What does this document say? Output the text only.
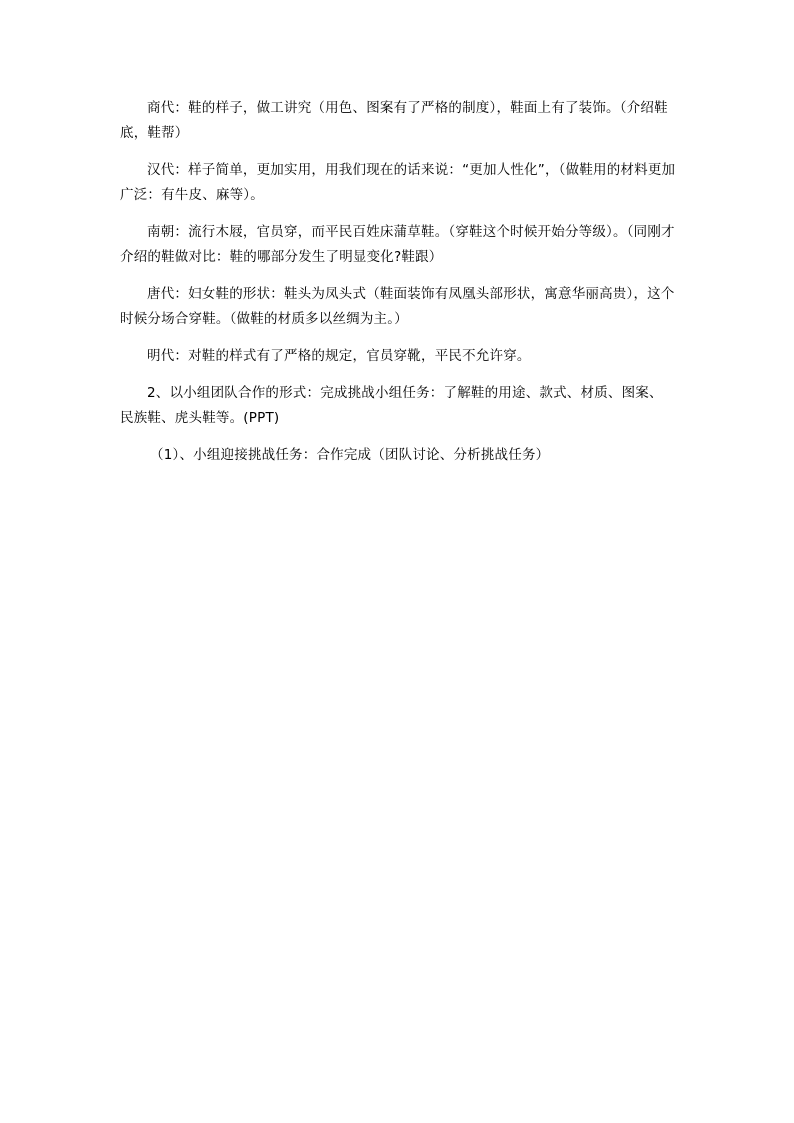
商代：鞋的样子，做工讲究（用色、图案有了严格的制度），鞋面上有了装饰。（介绍鞋底，鞋帮）

汉代：样子简单，更加实用，用我们现在的话来说：“更加人性化”，（做鞋用的材料更加广泛：有牛皮、麻等）。

南朝：流行木屐，官员穿，而平民百姓床蒲草鞋。（穿鞋这个时候开始分等级）。（同刚才介绍的鞋做对比：鞋的哪部分发生了明显变化?鞋跟）

唐代：妇女鞋的形状：鞋头为凤头式（鞋面装饰有凤凰头部形状，寓意华丽高贵），这个时候分场合穿鞋。（做鞋的材质多以丝绸为主。）

明代：对鞋的样式有了严格的规定，官员穿靴，平民不允许穿。

2、以小组团队合作的形式：完成挑战小组任务：了解鞋的用途、款式、材质、图案、民族鞋、虎头鞋等。(PPT)

（1）、小组迎接挑战任务：合作完成（团队讨论、分析挑战任务）
